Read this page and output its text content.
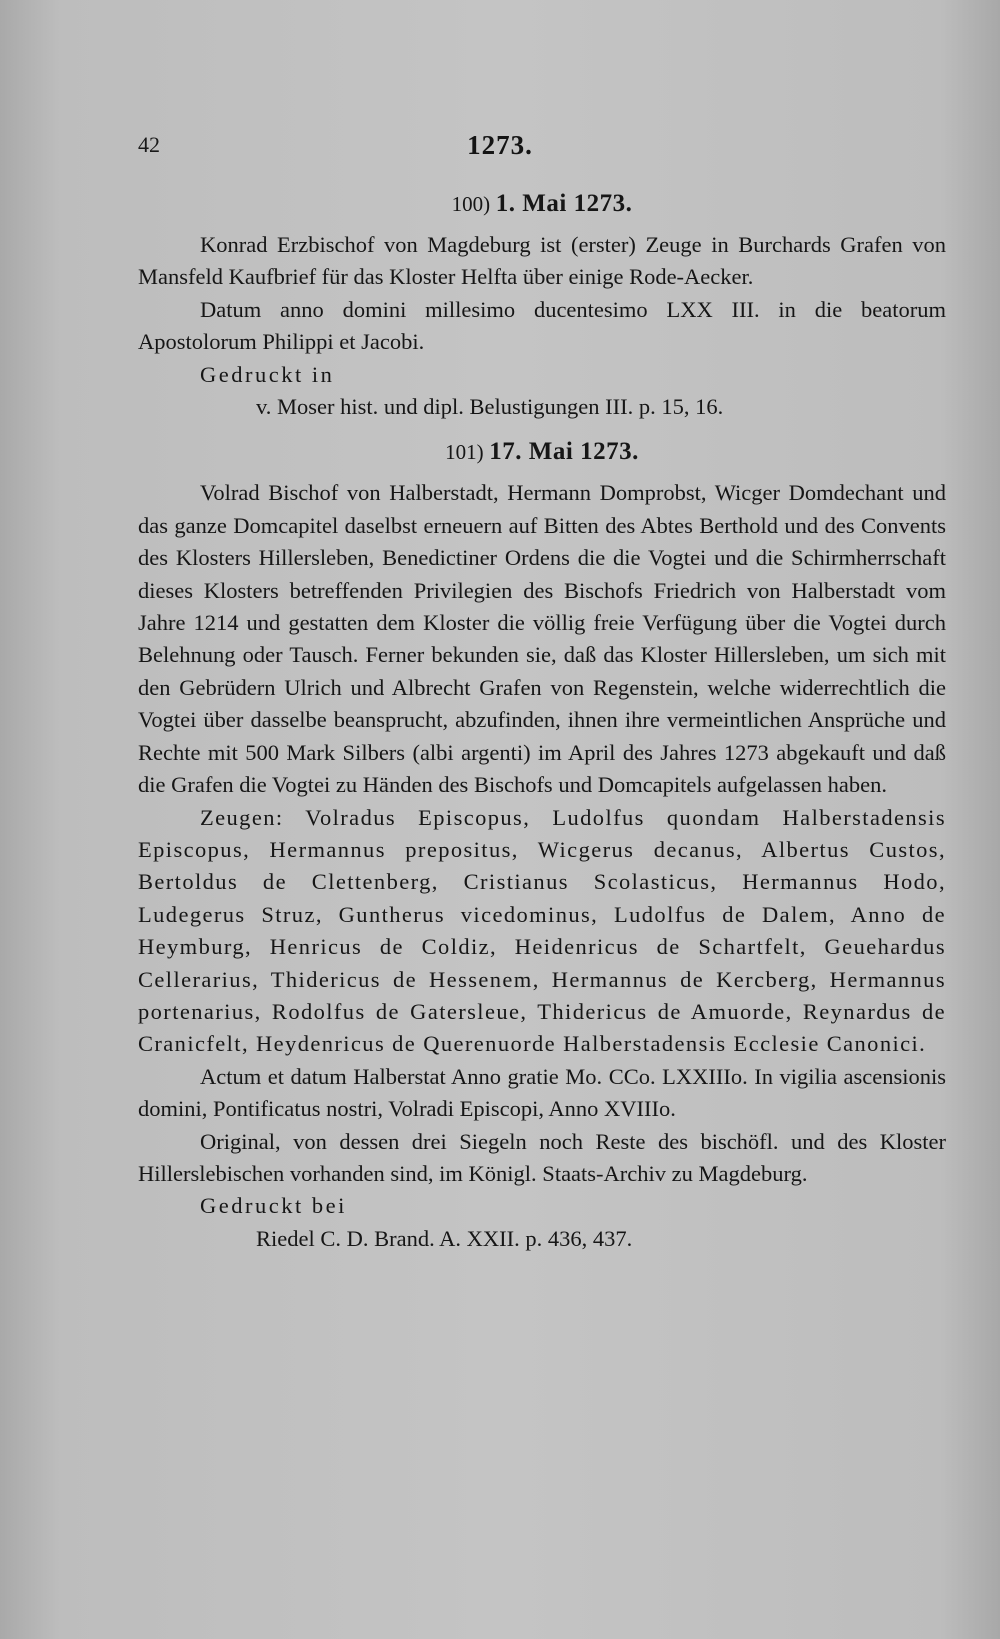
⠀
42	1273.
100) 1. Mai 1273.

Konrad Erzbischof von Magdeburg ist (erster) Zeuge in Burchards Grafen von Mansfeld Kaufbrief für das Kloster Helfta über einige Rode-Aecker.

Datum anno domini millesimo ducentesimo LXX III. in die beatorum Apostolorum Philippi et Jacobi.

Gedruckt in

v. Moser hist. und dipl. Belustigungen III. p. 15, 16.

101) 17. Mai 1273.

Volrad Bischof von Halberstadt, Hermann Domprobst, Wicger Domdechant und das ganze Domcapitel daselbst erneuern auf Bitten des Abtes Berthold und des Convents des Klosters Hillersleben, Benedictiner Ordens die die Vogtei und die Schirmherrschaft dieses Klosters betreffenden Privilegien des Bischofs Friedrich von Halberstadt vom Jahre 1214 und gestatten dem Kloster die völlig freie Verfügung über die Vogtei durch Belehnung oder Tausch. Ferner bekunden sie, daß das Kloster Hillersleben, um sich mit den Gebrüdern Ulrich und Albrecht Grafen von Regenstein, welche widerrechtlich die Vogtei über dasselbe beansprucht, abzufinden, ihnen ihre vermeintlichen Ansprüche und Rechte mit 500 Mark Silbers (albi argenti) im April des Jahres 1273 abgekauft und daß die Grafen die Vogtei zu Händen des Bischofs und Domcapitels aufgelassen haben.

Zeugen: Volradus Episcopus, Ludolfus quondam Halberstadensis Episcopus, Hermannus prepositus, Wicgerus decanus, Albertus Custos, Bertoldus de Clettenberg, Cristianus Scolasticus, Hermannus Hodo, Ludegerus Struz, Guntherus vicedominus, Ludolfus de Dalem, Anno de Heymburg, Henricus de Coldiz, Heidenricus de Schartfelt, Geuehardus Cellerarius, Thidericus de Hessenem, Hermannus de Kercberg, Hermannus portenarius, Rodolfus de Gatersleue, Thidericus de Amuorde, Reynardus de Cranicfelt, Heydenricus de Querenuorde Halberstadensis Ecclesie Canonici.

Actum et datum Halberstat Anno gratie Mo. CCo. LXXIIIo. In vigilia ascensionis domini, Pontificatus nostri, Volradi Episcopi, Anno XVIIIo.

Original, von dessen drei Siegeln noch Reste des bischöfl. und des Kloster Hillerslebischen vorhanden sind, im Königl. Staats-Archiv zu Magdeburg.

Gedruckt bei

Riedel C. D. Brand. A. XXII. p. 436, 437.
